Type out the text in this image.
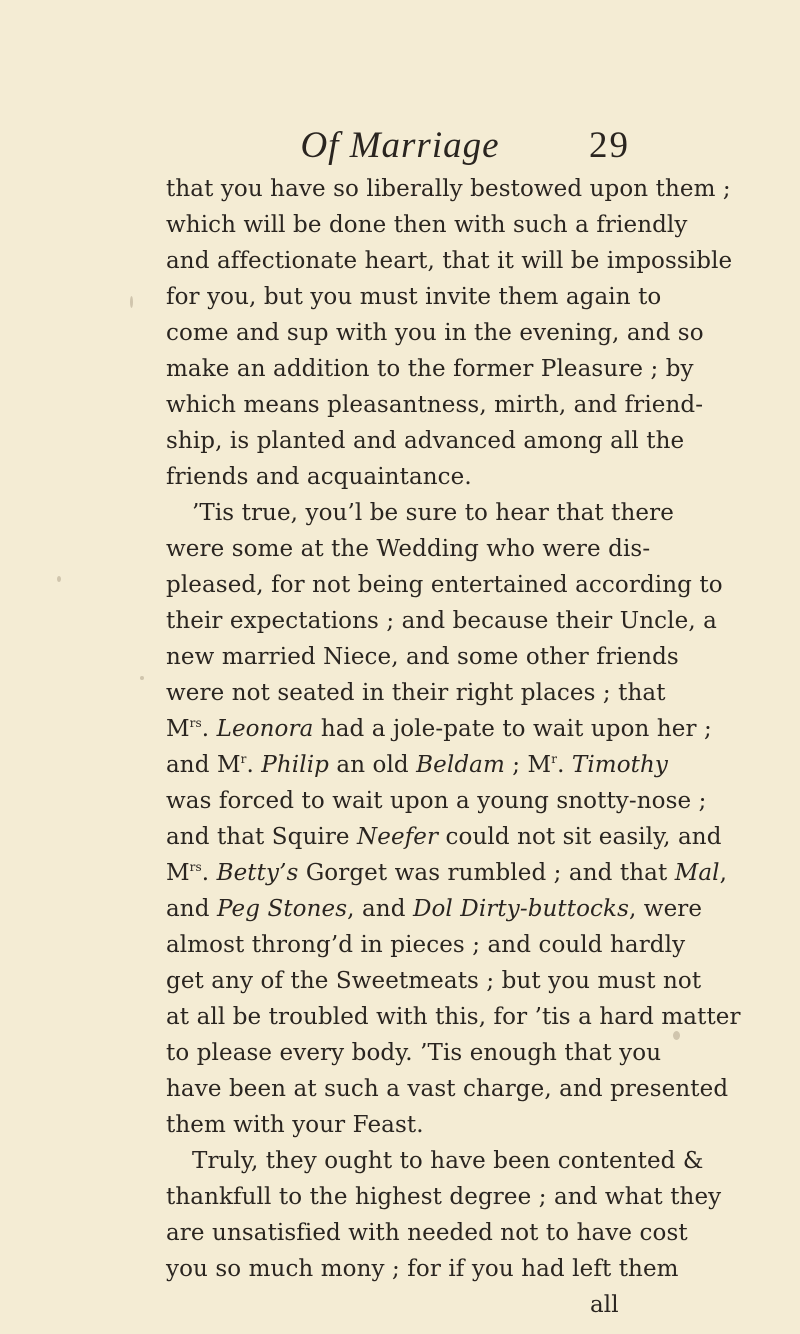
Of Marriage	29
that you have so liberally bestowed upon them ;
which will be done then with such a friendly
and affectionate heart, that it will be impossible
for you, but you must invite them again to
come and sup with you in the evening, and so
make an addition to the former Pleasure ; by
which means pleasantness, mirth, and friend-
ship, is planted and advanced among all the
friends and acquaintance.
’Tis true, you’l be sure to hear that there
were some at the Wedding who were dis-
pleased, for not being entertained according to
their expectations ; and because their Uncle, a
new married Niece, and some other friends
were not seated in their right places ; that
$M^{rs}$. Leonora had a jole-pate to wait upon her ;
and $M^r$. Philip an old Beldam ; $M^r$. Timothy
was forced to wait upon a young snotty-nose ;
and that Squire Neefer could not sit easily, and
$M^{rs}$. Betty’s Gorget was rumbled ; and that Mal,
and Peg Stones, and Dol Dirty-buttocks, were
almost throng’d in pieces ; and could hardly
get any of the Sweetmeats ; but you must not
at all be troubled with this, for ’tis a hard matter
to please every body. ’Tis enough that you
have been at such a vast charge, and presented
them with your Feast.
Truly, they ought to have been contented &
thankfull to the highest degree ; and what they
are unsatisfied with needed not to have cost
you so much mony ; for if you had left them
all
